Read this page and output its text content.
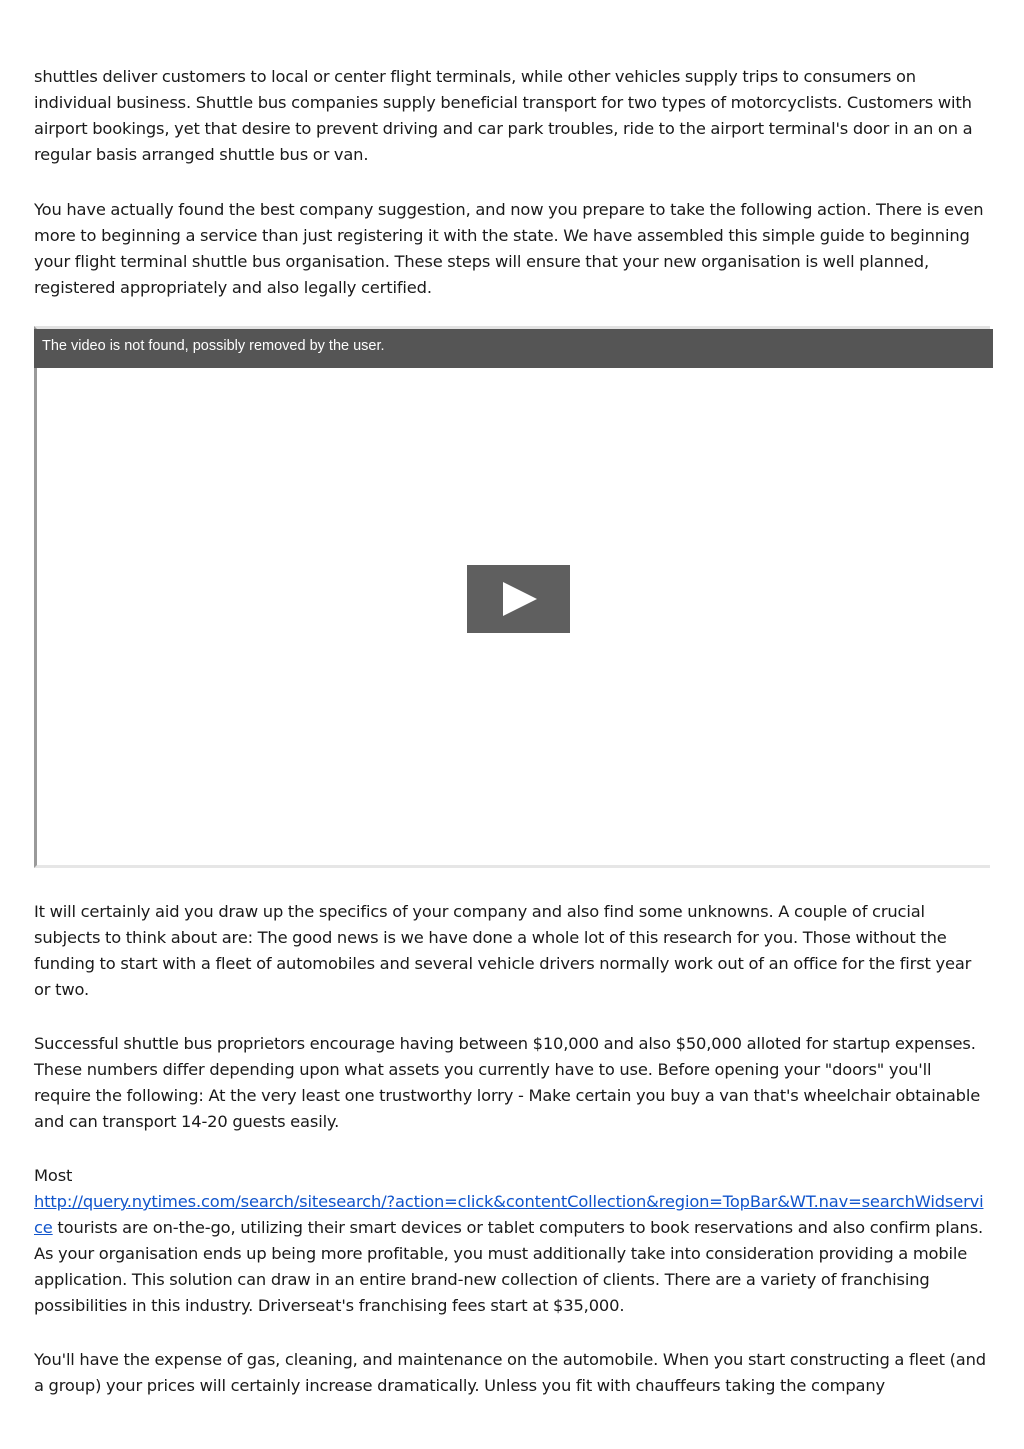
shuttles deliver customers to local or center flight terminals, while other vehicles supply trips to consumers on individual business. Shuttle bus companies supply beneficial transport for two types of motorcyclists. Customers with airport bookings, yet that desire to prevent driving and car park troubles, ride to the airport terminal's door in an on a regular basis arranged shuttle bus or van.

You have actually found the best company suggestion, and now you prepare to take the following action. There is even more to beginning a service than just registering it with the state. We have assembled this simple guide to beginning your flight terminal shuttle bus organisation. These steps will ensure that your new organisation is well planned, registered appropriately and also legally certified.

The video is not found, possibly removed by the user.

It will certainly aid you draw up the specifics of your company and also find some unknowns. A couple of crucial subjects to think about are: The good news is we have done a whole lot of this research for you. Those without the funding to start with a fleet of automobiles and several vehicle drivers normally work out of an office for the first year or two.

Successful shuttle bus proprietors encourage having between $10,000 and also $50,000 alloted for startup expenses. These numbers differ depending upon what assets you currently have to use. Before opening your "doors" you'll require the following: At the very least one trustworthy lorry - Make certain you buy a van that's wheelchair obtainable and can transport 14-20 guests easily.

Most
http://query.nytimes.com/search/sitesearch/?action=click&contentCollection&region=TopBar&WT.nav=searchWidservice tourists are on-the-go, utilizing their smart devices or tablet computers to book reservations and also confirm plans. As your organisation ends up being more profitable, you must additionally take into consideration providing a mobile application. This solution can draw in an entire brand-new collection of clients. There are a variety of franchising possibilities in this industry. Driverseat's franchising fees start at $35,000.

You'll have the expense of gas, cleaning, and maintenance on the automobile. When you start constructing a fleet (and a group) your prices will certainly increase dramatically. Unless you fit with chauffeurs taking the company
